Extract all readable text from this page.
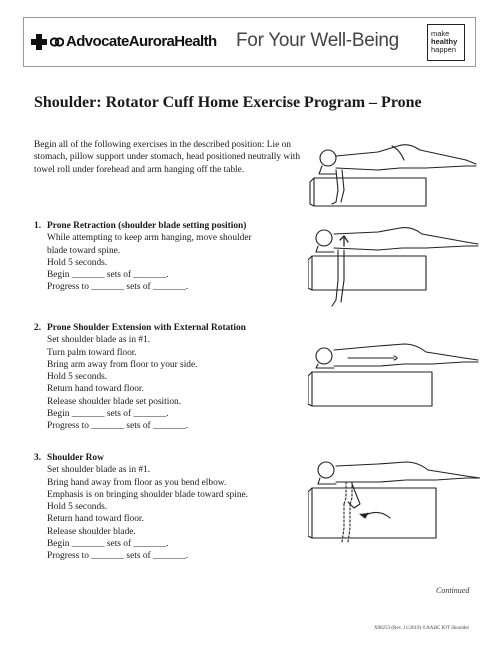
AdvocateAuroraHealth For Your Well-Being	make
healthy
happen
Shoulder: Rotator Cuff Home Exercise Program – Prone
Begin all of the following exercises in the described position: Lie on stomach, pillow support under stomach, head positioned neutrally with towel roll under forehead and arm hanging off the table.
1. Prone Retraction (shoulder blade setting position)
While attempting to keep arm hanging, move shoulder
blade toward spine.
Hold 5 seconds.
Begin _______ sets of _______.
Progress to _______ sets of _______.
2. Prone Shoulder Extension with External Rotation
Set shoulder blade as in #1.
Turn palm toward floor.
Bring arm away from floor to your side.
Hold 5 seconds.
Return hand toward floor.
Release shoulder blade set position.
Begin _______ sets of _______.
Progress to _______ sets of _______.
3. Shoulder Row
Set shoulder blade as in #1.
Bring hand away from floor as you bend elbow.
Emphasis is on bringing shoulder blade toward spine.
Hold 5 seconds.
Return hand toward floor.
Release shoulder blade.
Begin _______ sets of _______.
Progress to _______ sets of _______.
Continued
X08253 (Rev. 11/2019) ©AAHC IOT Shoulder
